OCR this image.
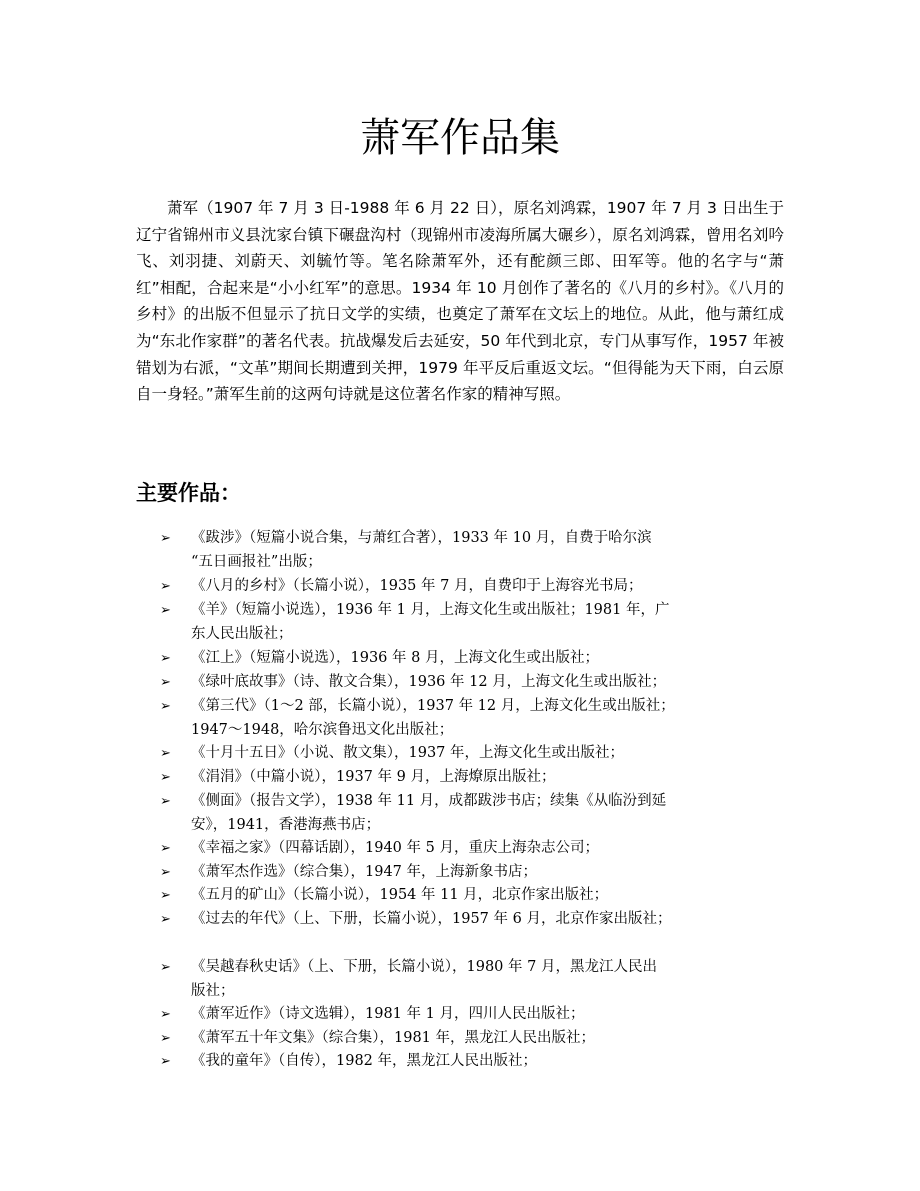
萧军作品集

萧军（1907 年 7 月 3 日-1988 年 6 月 22 日），原名刘鸿霖，1907 年 7 月 3 日出生于辽宁省锦州市义县沈家台镇下碾盘沟村（现锦州市凌海所属大碾乡），原名刘鸿霖，曾用名刘吟飞、刘羽捷、刘蔚天、刘毓竹等。笔名除萧军外，还有酡颜三郎、田军等。他的名字与“萧红”相配，合起来是“小小红军”的意思。1934 年 10 月创作了著名的《八月的乡村》。《八月的乡村》的出版不但显示了抗日文学的实绩，也奠定了萧军在文坛上的地位。从此，他与萧红成为“东北作家群”的著名代表。抗战爆发后去延安，50 年代到北京，专门从事写作，1957 年被错划为右派，“文革”期间长期遭到关押，1979 年平反后重返文坛。“但得能为天下雨，白云原自一身轻。”萧军生前的这两句诗就是这位著名作家的精神写照。

主要作品：
➢	《跋涉》（短篇小说合集，与萧红合著），1933 年 10 月，自费于哈尔滨
“五日画报社”出版；
➢	《八月的乡村》（长篇小说），1935 年 7 月，自费印于上海容光书局；
➢	《羊》（短篇小说选），1936 年 1 月，上海文化生或出版社；1981 年，广
东人民出版社；
➢	《江上》（短篇小说选），1936 年 8 月，上海文化生或出版社；
➢	《绿叶底故事》（诗、散文合集），1936 年 12 月，上海文化生或出版社；
➢	《第三代》（1～2 部，长篇小说），1937 年 12 月，上海文化生或出版社；
1947～1948，哈尔滨鲁迅文化出版社；
➢	《十月十五日》（小说、散文集），1937 年，上海文化生或出版社；
➢	《涓涓》（中篇小说），1937 年 9 月，上海燎原出版社；
➢	《侧面》（报告文学），1938 年 11 月，成都跋涉书店；续集《从临汾到延
安》，1941，香港海燕书店；
➢	《幸福之家》（四幕话剧），1940 年 5 月，重庆上海杂志公司；
➢	《萧军杰作选》（综合集），1947 年，上海新象书店；
➢	《五月的矿山》（长篇小说），1954 年 11 月，北京作家出版社；
➢	《过去的年代》（上、下册，长篇小说），1957 年 6 月，北京作家出版社；
➢	《吴越春秋史话》（上、下册，长篇小说），1980 年 7 月，黑龙江人民出
版社；
➢	《萧军近作》（诗文选辑），1981 年 1 月，四川人民出版社；
➢	《萧军五十年文集》（综合集），1981 年，黑龙江人民出版社；
➢	《我的童年》（自传），1982 年，黑龙江人民出版社；
